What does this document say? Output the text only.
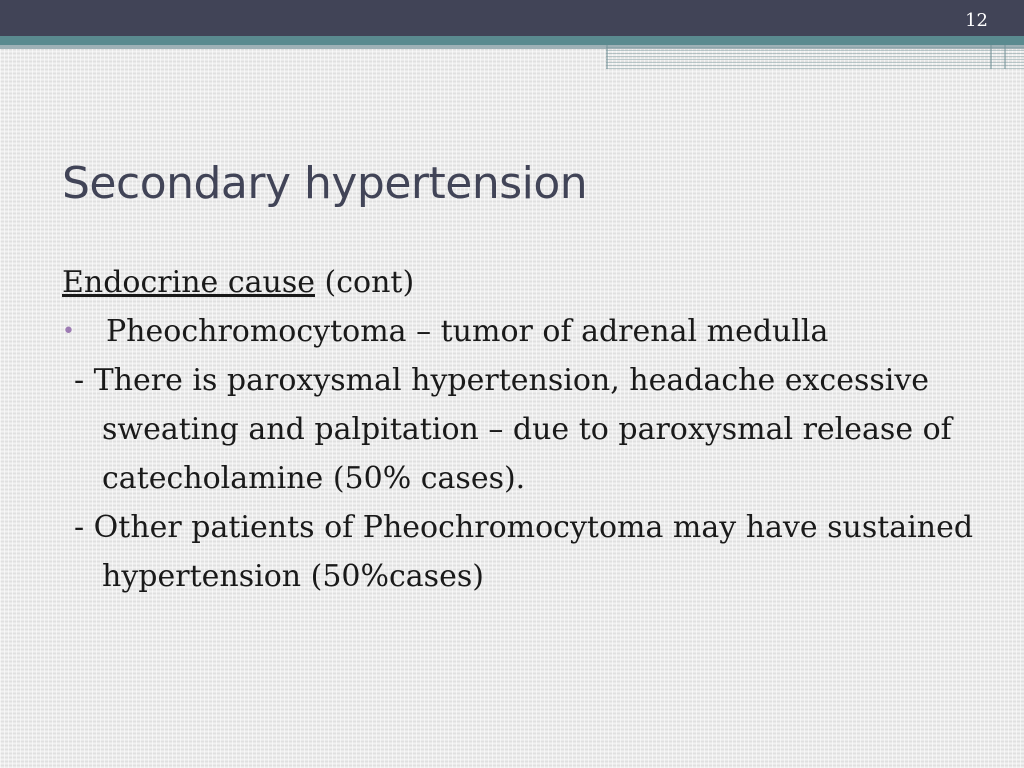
12
Secondary hypertension

Endocrine cause (cont)

• Pheochromocytoma – tumor of adrenal medulla

- There is paroxysmal hypertension, headache excessive sweating and palpitation – due to paroxysmal release of catecholamine (50% cases).

- Other patients of Pheochromocytoma may have sustained hypertension (50%cases)
